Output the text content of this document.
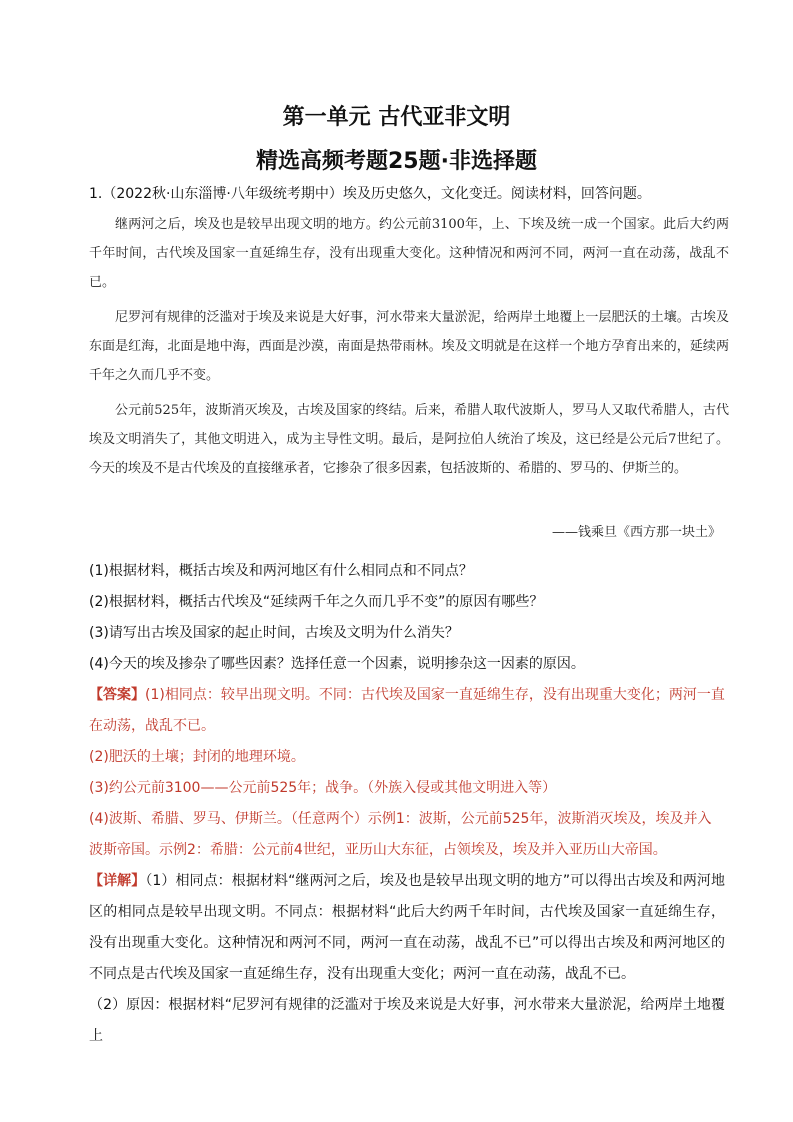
第一单元 古代亚非文明
精选高频考题25题·非选择题
1.（2022秋·山东淄博·八年级统考期中）埃及历史悠久，文化变迁。阅读材料，回答问题。

继两河之后，埃及也是较早出现文明的地方。约公元前3100年，上、下埃及统一成一个国家。此后大约两千年时间，古代埃及国家一直延绵生存，没有出现重大变化。这种情况和两河不同，两河一直在动荡，战乱不已。

尼罗河有规律的泛滥对于埃及来说是大好事，河水带来大量淤泥，给两岸土地覆上一层肥沃的土壤。古埃及东面是红海，北面是地中海，西面是沙漠，南面是热带雨林。埃及文明就是在这样一个地方孕育出来的，延续两千年之久而几乎不变。

公元前525年，波斯消灭埃及，古埃及国家的终结。后来，希腊人取代波斯人，罗马人又取代希腊人，古代埃及文明消失了，其他文明进入，成为主导性文明。最后，是阿拉伯人统治了埃及，这已经是公元后7世纪了。今天的埃及不是古代埃及的直接继承者，它掺杂了很多因素，包括波斯的、希腊的、罗马的、伊斯兰的。

——钱乘旦《西方那一块土》
(1)根据材料，概括古埃及和两河地区有什么相同点和不同点？
(2)根据材料，概括古代埃及“延续两千年之久而几乎不变”的原因有哪些？
(3)请写出古埃及国家的起止时间，古埃及文明为什么消失？
(4)今天的埃及掺杂了哪些因素？选择任意一个因素，说明掺杂这一因素的原因。

【答案】(1)相同点：较早出现文明。不同：古代埃及国家一直延绵生存，没有出现重大变化；两河一直在动荡，战乱不已。

(2)肥沃的土壤；封闭的地理环境。

(3)约公元前3100——公元前525年；战争。（外族入侵或其他文明进入等）

(4)波斯、希腊、罗马、伊斯兰。（任意两个）示例1：波斯，公元前525年，波斯消灭埃及，埃及并入波斯帝国。示例2：希腊：公元前4世纪，亚历山大东征，占领埃及，埃及并入亚历山大帝国。

【详解】（1）相同点：根据材料“继两河之后，埃及也是较早出现文明的地方”可以得出古埃及和两河地区的相同点是较早出现文明。不同点：根据材料“此后大约两千年时间，古代埃及国家一直延绵生存，没有出现重大变化。这种情况和两河不同，两河一直在动荡，战乱不已”可以得出古埃及和两河地区的不同点是古代埃及国家一直延绵生存，没有出现重大变化；两河一直在动荡，战乱不已。

（2）原因：根据材料“尼罗河有规律的泛滥对于埃及来说是大好事，河水带来大量淤泥，给两岸土地覆上
